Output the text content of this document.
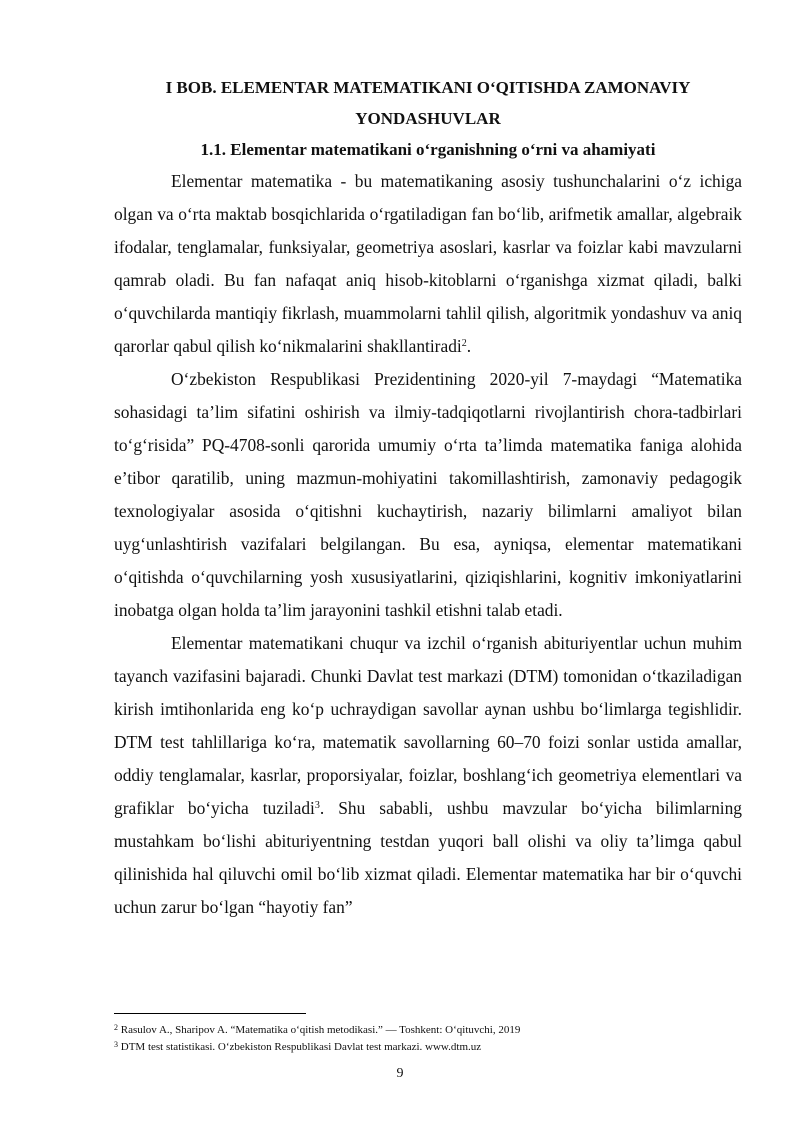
I BOB. ELEMENTAR MATEMATIKANI O‘QITISHDA ZAMONAVIY YONDASHUVLAR
1.1. Elementar matematikani o‘rganishning o‘rni va ahamiyati

Elementar matematika - bu matematikaning asosiy tushunchalarini o‘z ichiga olgan va o‘rta maktab bosqichlarida o‘rgatiladigan fan bo‘lib, arifmetik amallar, algebraik ifodalar, tenglamalar, funksiyalar, geometriya asoslari, kasrlar va foizlar kabi mavzularni qamrab oladi. Bu fan nafaqat aniq hisob-kitoblarni o‘rganishga xizmat qiladi, balki o‘quvchilarda mantiqiy fikrlash, muammolarni tahlil qilish, algoritmik yondashuv va aniq qarorlar qabul qilish ko‘nikmalarini shakllantiradi$^2$.

O‘zbekiston Respublikasi Prezidentining 2020-yil 7-maydagi “Matematika sohasidagi ta’lim sifatini oshirish va ilmiy-tadqiqotlarni rivojlantirish chora-tadbirlari to‘g‘risida” PQ-4708-sonli qarorida umumiy o‘rta ta’limda matematika faniga alohida e’tibor qaratilib, uning mazmun-mohiyatini takomillashtirish, zamonaviy pedagogik texnologiyalar asosida o‘qitishni kuchaytirish, nazariy bilimlarni amaliyot bilan uyg‘unlashtirish vazifalari belgilangan. Bu esa, ayniqsa, elementar matematikani o‘qitishda o‘quvchilarning yosh xususiyatlarini, qiziqishlarini, kognitiv imkoniyatlarini inobatga olgan holda ta’lim jarayonini tashkil etishni talab etadi.

Elementar matematikani chuqur va izchil o‘rganish abituriyentlar uchun muhim tayanch vazifasini bajaradi. Chunki Davlat test markazi (DTM) tomonidan o‘tkaziladigan kirish imtihonlarida eng ko‘p uchraydigan savollar aynan ushbu bo‘limlarga tegishlidir. DTM test tahlillariga ko‘ra, matematik savollarning 60–70 foizi sonlar ustida amallar, oddiy tenglamalar, kasrlar, proporsiyalar, foizlar, boshlang‘ich geometriya elementlari va grafiklar bo‘yicha tuziladi$^3$. Shu sababli, ushbu mavzular bo‘yicha bilimlarning mustahkam bo‘lishi abituriyentning testdan yuqori ball olishi va oliy ta’limga qabul qilinishida hal qiluvchi omil bo‘lib xizmat qiladi. Elementar matematika har bir o‘quvchi uchun zarur bo‘lgan “hayotiy fan”

$^2$ Rasulov A., Sharipov A. “Matematika o‘qitish metodikasi.” — Toshkent: O‘qituvchi, 2019
$^3$ DTM test statistikasi. O‘zbekiston Respublikasi Davlat test markazi. www.dtm.uz
9
